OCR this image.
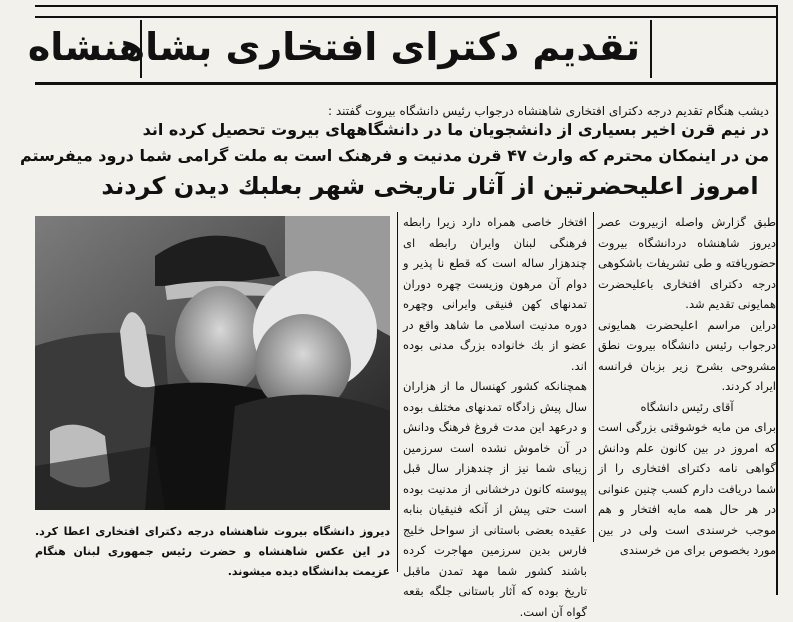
تقدیم دکترای افتخاری بشاهنشاه
دیشب هنگام تقدیم درجه دکترای افتخاری شاهنشاه درجواب رئیس دانشگاه بیروت گفتند :
در نیم قرن اخیر بسیاری از دانشجویان ما در دانشگاههای بیروت تحصیل کرده اند
من در اینمکان محترم که وارث ۴۷ قرن مدنیت و فرهنک است به ملت گرامی شما درود میفرستم
امروز اعلیحضرتین از آثار تاریخی شهر بعلبك دیدن کردند

طبق گزارش واصله ازبیروت عصر دیروز شاهنشاه دردانشگاه بیروت حضوریافته و طی تشریفات باشکوهی درجه دکترای افتخاری باعلیحضرت همایونی تقدیم شد.

دراین مراسم اعلیحضرت همایونی درجواب رئیس دانشگاه بیروت نطق مشروحی بشرح زیر بزبان فرانسه ایراد کردند.

آقای رئیس دانشگاه

برای من مایه خوشوقتی بزرگی است که امروز در بین کانون علم ودانش گواهی نامه دکترای افتخاری را از شما دریافت دارم کسب چنین عنوانی در هر حال همه مایه افتخار و هم موجب خرسندی است ولی در بین مورد بخصوص برای من خرسندی

افتخار خاصی همراه دارد زیرا رابطه فرهنگی لبنان وایران رابطه ای چندهزار ساله است که قطع نا پذیر و دوام آن مرهون وزیست چهره دوران تمدنهای کهن فنیقی وایرانی وچهره دوره مدنیت اسلامی ما شاهد واقع در عضو از بك خانواده بزرگ مدنی بوده اند.

همچنانکه کشور کهنسال ما از هزاران سال پیش زادگاه تمدنهای مختلف بوده و درعهد این مدت فروغ فرهنگ ودانش در آن خاموش نشده است سرزمین زیبای شما نیز از چندهزار سال قبل پیوسته کانون درخشانی از مدنیت بوده است حتی پیش از آنکه فنیقیان بنابه عقیده بعضی باستانی از سواحل خلیج فارس بدین سرزمین مهاجرت کرده باشند کشور شما مهد تمدن ماقبل تاریخ بوده که آثار باستانی جلگه بقعه گواه آن است.

دیروز دانشگاه بیروت شاهنشاه درجه دکترای افتخاری اعطا کرد. در این عکس شاهنشاه و حضرت رئیس جمهوری لبنان هنگام عزیمت بدانشگاه دیده میشوند.
